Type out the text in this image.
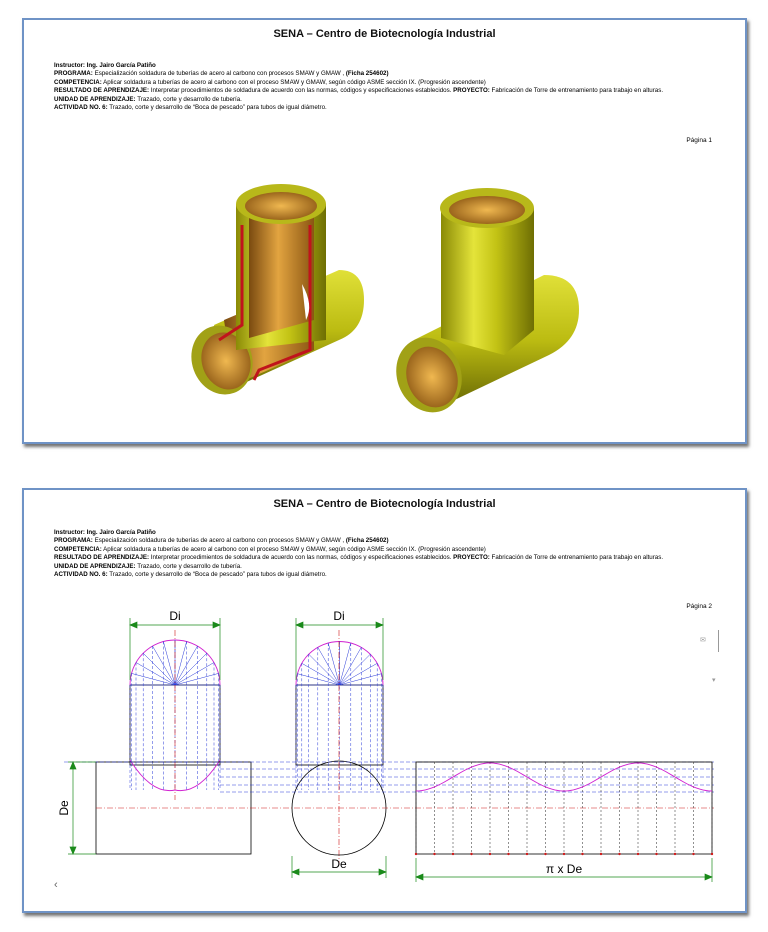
SENA – Centro de Biotecnología Industrial
Instructor: Ing. Jairo García Patiño
PROGRAMA: Especialización soldadura de tuberías de acero al carbono con procesos SMAW y GMAW , (Ficha 254602)
COMPETENCIA: Aplicar soldadura a tuberías de acero al carbono con el proceso SMAW y GMAW, según código ASME sección IX. (Progresión ascendente)
RESULTADO DE APRENDIZAJE: Interpretar procedimientos de soldadura de acuerdo con las normas, códigos y especificaciones establecidos. PROYECTO: Fabricación de Torre de entrenamiento para trabajo en alturas.
UNIDAD DE APRENDIZAJE: Trazado, corte y desarrollo de tubería.
ACTIVIDAD NO. 6: Trazado, corte y desarrollo de “Boca de pescado” para tubos de igual diámetro.
Página 1
SENA – Centro de Biotecnología Industrial
Instructor: Ing. Jairo García Patiño
PROGRAMA: Especialización soldadura de tuberías de acero al carbono con procesos SMAW y GMAW , (Ficha 254602)
COMPETENCIA: Aplicar soldadura a tuberías de acero al carbono con el proceso SMAW y GMAW, según código ASME sección IX. (Progresión ascendente)
RESULTADO DE APRENDIZAJE: Interpretar procedimientos de soldadura de acuerdo con las normas, códigos y especificaciones establecidos. PROYECTO: Fabricación de Torre de entrenamiento para trabajo en alturas.
UNIDAD DE APRENDIZAJE: Trazado, corte y desarrollo de tubería.
ACTIVIDAD NO. 6: Trazado, corte y desarrollo de “Boca de pescado” para tubos de igual diámetro.
Página 2
✉
▾
Di	Di
De
De	π x De
‹
